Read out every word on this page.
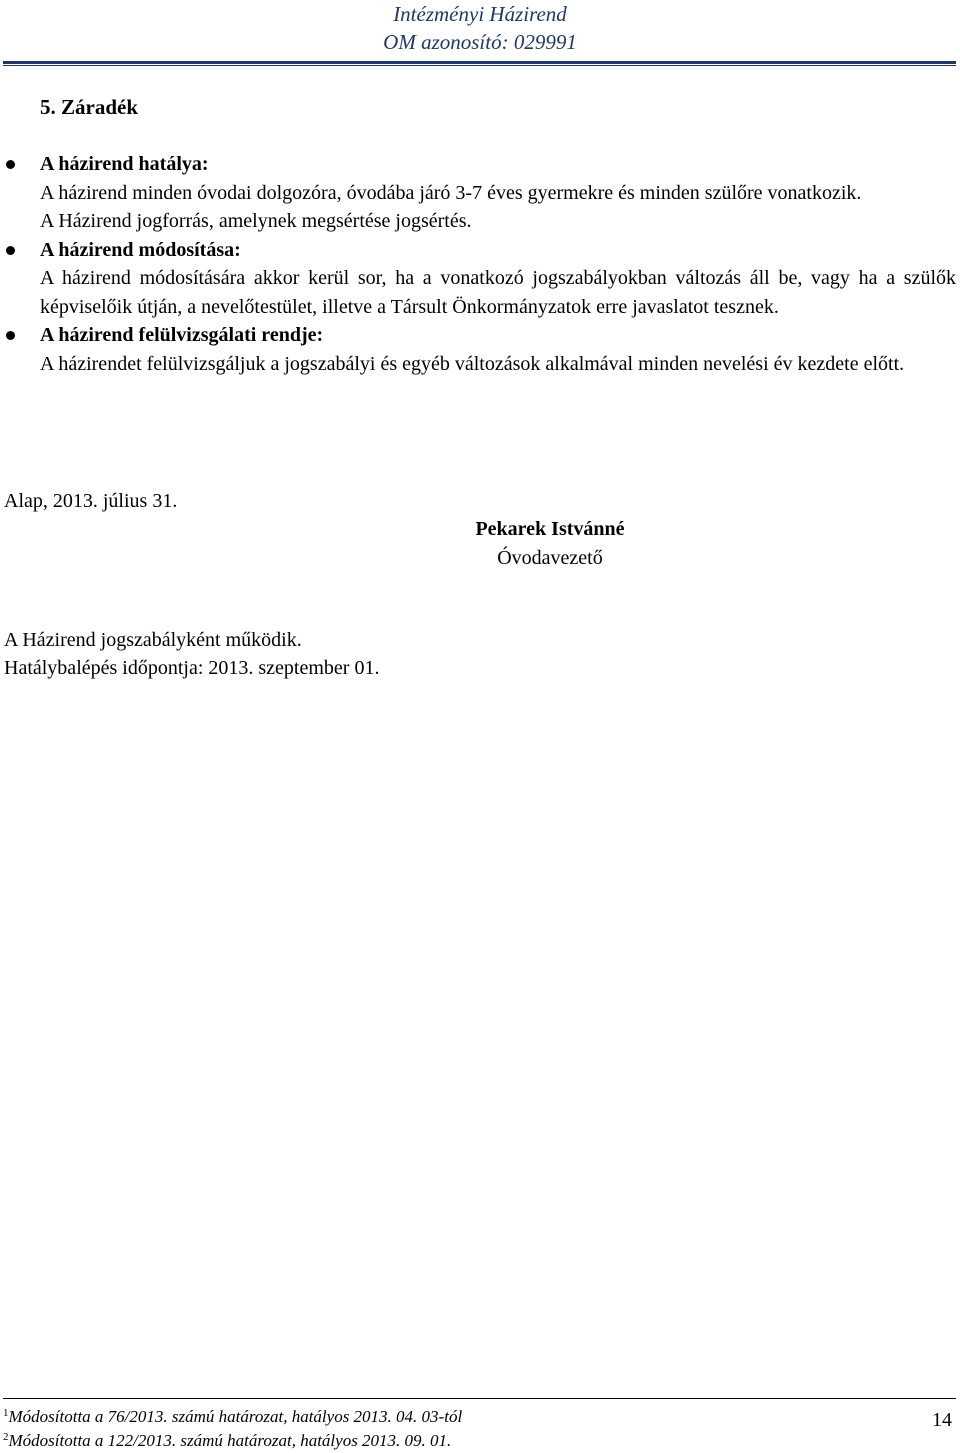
Intézményi Házirend
OM azonosító: 029991
5. Záradék
A házirend hatálya:
A házirend minden óvodai dolgozóra, óvodába járó 3-7 éves gyermekre és minden szülőre vonatkozik.
A Házirend jogforrás, amelynek megsértése jogsértés.
A házirend módosítása:
A házirend módosítására akkor kerül sor, ha a vonatkozó jogszabályokban változás áll be, vagy ha a szülők képviselőik útján, a nevelőtestület, illetve a Társult Önkormányzatok erre javaslatot tesznek.
A házirend felülvizsgálati rendje:
A házirendet felülvizsgáljuk a jogszabályi és egyéb változások alkalmával minden nevelési év kezdete előtt.
Alap, 2013. július 31.
Pekarek Istvánné
Óvodavezető
A Házirend jogszabályként működik.
Hatálybalépés időpontja: 2013. szeptember 01.
$^1$Módosította a 76/2013. számú határozat, hatályos 2013. 04. 03-tól
$^2$Módosította a 122/2013. számú határozat, hatályos 2013. 09. 01.
14
